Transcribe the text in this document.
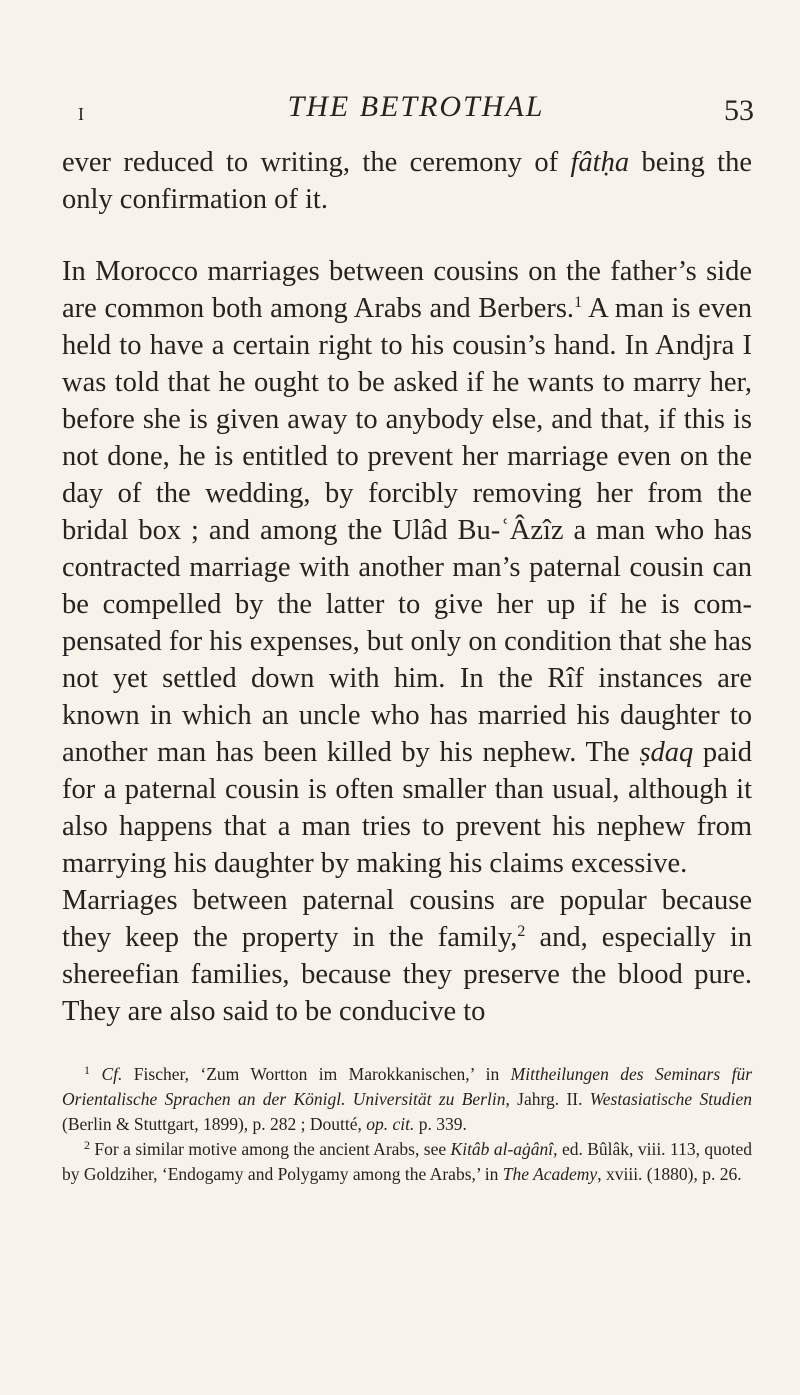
I	THE BETROTHAL	53

ever reduced to writing, the ceremony of fâtḥa being the only confirmation of it.

In Morocco marriages between cousins on the father’s side are common both among Arabs and Berbers.$^1$ A man is even held to have a certain right to his cousin’s hand. In Andjra I was told that he ought to be asked if he wants to marry her, before she is given away to anybody else, and that, if this is not done, he is entitled to prevent her marriage even on the day of the wedding, by forcibly removing her from the bridal box ; and among the Ulâd Bu-ʿÂzîz a man who has contracted marriage with another man’s paternal cousin can be compelled by the latter to give her up if he is com-pensated for his expenses, but only on condition that she has not yet settled down with him. In the Rîf instances are known in which an uncle who has married his daughter to another man has been killed by his nephew. The ṣdaq paid for a paternal cousin is often smaller than usual, although it also happens that a man tries to prevent his nephew from marrying his daughter by making his claims excessive.

Marriages between paternal cousins are popular because they keep the property in the family,$^2$ and, especially in shereefian families, because they preserve the blood pure. They are also said to be conducive to

$^1$ Cf. Fischer, ‘Zum Wortton im Marokkanischen,’ in Mittheilungen des Seminars für Orientalische Sprachen an der Königl. Universität zu Berlin, Jahrg. II. Westasiatische Studien (Berlin & Stuttgart, 1899), p. 282 ; Doutté, op. cit. p. 339.

$^2$ For a similar motive among the ancient Arabs, see Kitâb al-aġânî, ed. Bûlâk, viii. 113, quoted by Goldziher, ‘Endogamy and Polygamy among the Arabs,’ in The Academy, xviii. (1880), p. 26.
